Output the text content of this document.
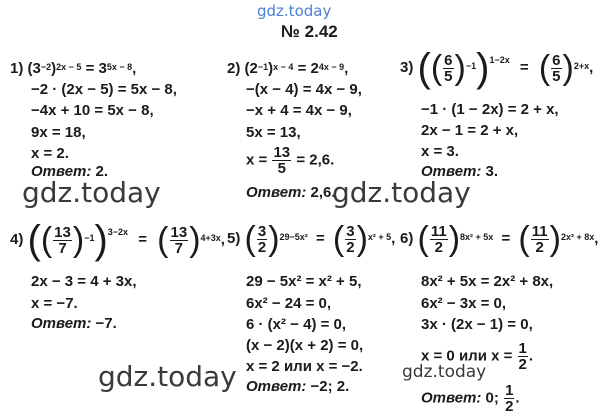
gdz.today
№ 2.42
1) $(3^{-2})^{2x - 5} = 3^{5x - 8}$,
−2 · (2x − 5) = 5x − 8,
−4x + 10 = 5x − 8,
9x = 18,
x = 2.
Ответ: 2.
2) $(2^{-1})^{x - 4} = 2^{4x - 9}$,
−(x − 4) = 4x − 9,
−x + 4 = 4x − 9,
5x = 13,
$x = \frac{13}{5} = 2,6$.
Ответ: 2,6.
3) (( $\frac{6}{5} )-1)1-2x$ = ( $\frac{6}{5} )2+x$,
−1 · (1 − 2x) = 2 + x,
2x − 1 = 2 + x,
x = 3.
Ответ: 3.
4) (( $\frac{13}{7} )-1)3-2x$ = ( $\frac{13}{7} )4+3x$,
2x − 3 = 4 + 3x,
x = −7.
Ответ: −7.
5) ( $\frac{3}{2} )29-5x^2$ = ( $\frac{3}{2} )x^2 + 5$,
29 − 5x² = x² + 5,
6x² − 24 = 0,
6 · (x² − 4) = 0,
(x − 2)(x + 2) = 0,
x = 2 или x = −2.
Ответ: −2; 2.
6) ( $\frac{11}{2} )8x^2 + 5x$ = ( $\frac{11}{2} )2x^2 + 8x$,
8x² + 5x = 2x² + 8x,
6x² − 3x = 0,
3x · (2x − 1) = 0,
x = 0 или $x = \frac{1}{2}$ .
Ответ: 0; $\frac{1}{2}$ .
gdz.today	gdz.today
gdz.today	gdz.today
